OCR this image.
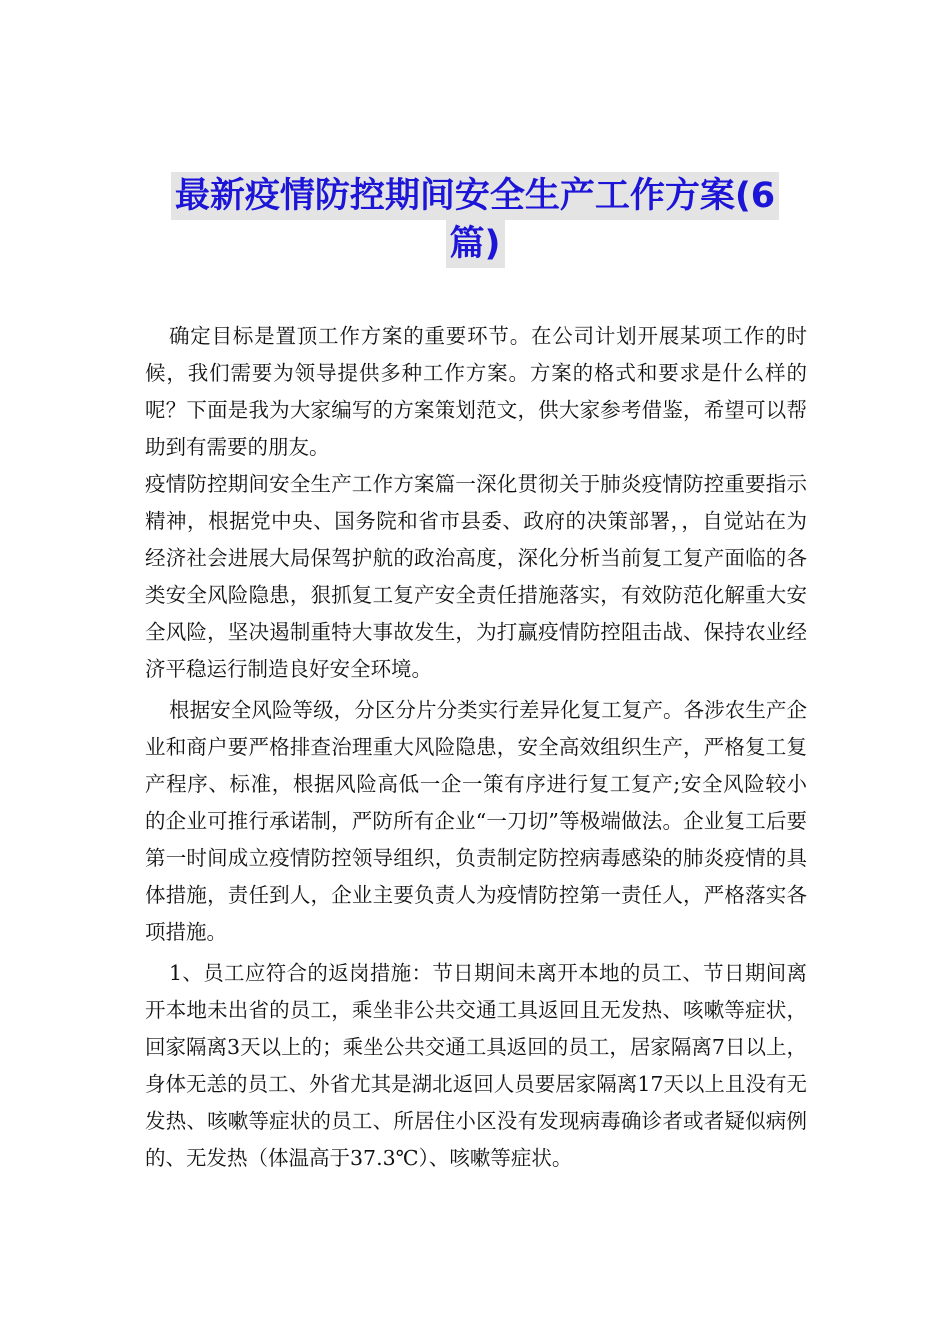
最新疫情防控期间安全生产工作方案(6
篇)

确定目标是置顶工作方案的重要环节。在公司计划开展某项工作的时候，我们需要为领导提供多种工作方案。方案的格式和要求是什么样的呢？下面是我为大家编写的方案策划范文，供大家参考借鉴，希望可以帮助到有需要的朋友。

疫情防控期间安全生产工作方案篇一深化贯彻关于肺炎疫情防控重要指示精神，根据党中央、国务院和省市县委、政府的决策部署，，自觉站在为经济社会进展大局保驾护航的政治高度，深化分析当前复工复产面临的各类安全风险隐患，狠抓复工复产安全责任措施落实，有效防范化解重大安全风险，坚决遏制重特大事故发生，为打赢疫情防控阻击战、保持农业经济平稳运行制造良好安全环境。

根据安全风险等级，分区分片分类实行差异化复工复产。各涉农生产企业和商户要严格排查治理重大风险隐患，安全高效组织生产，严格复工复产程序、标准，根据风险高低一企一策有序进行复工复产;安全风险较小的企业可推行承诺制，严防所有企业“一刀切”等极端做法。企业复工后要第一时间成立疫情防控领导组织，负责制定防控病毒感染的肺炎疫情的具体措施，责任到人，企业主要负责人为疫情防控第一责任人，严格落实各项措施。

1、员工应符合的返岗措施：节日期间未离开本地的员工、节日期间离开本地未出省的员工，乘坐非公共交通工具返回且无发热、咳嗽等症状，回家隔离3天以上的；乘坐公共交通工具返回的员工，居家隔离7日以上，身体无恙的员工、外省尤其是湖北返回人员要居家隔离17天以上且没有无发热、咳嗽等症状的员工、所居住小区没有发现病毒确诊者或者疑似病例的、无发热（体温高于37.3℃）、咳嗽等症状。
